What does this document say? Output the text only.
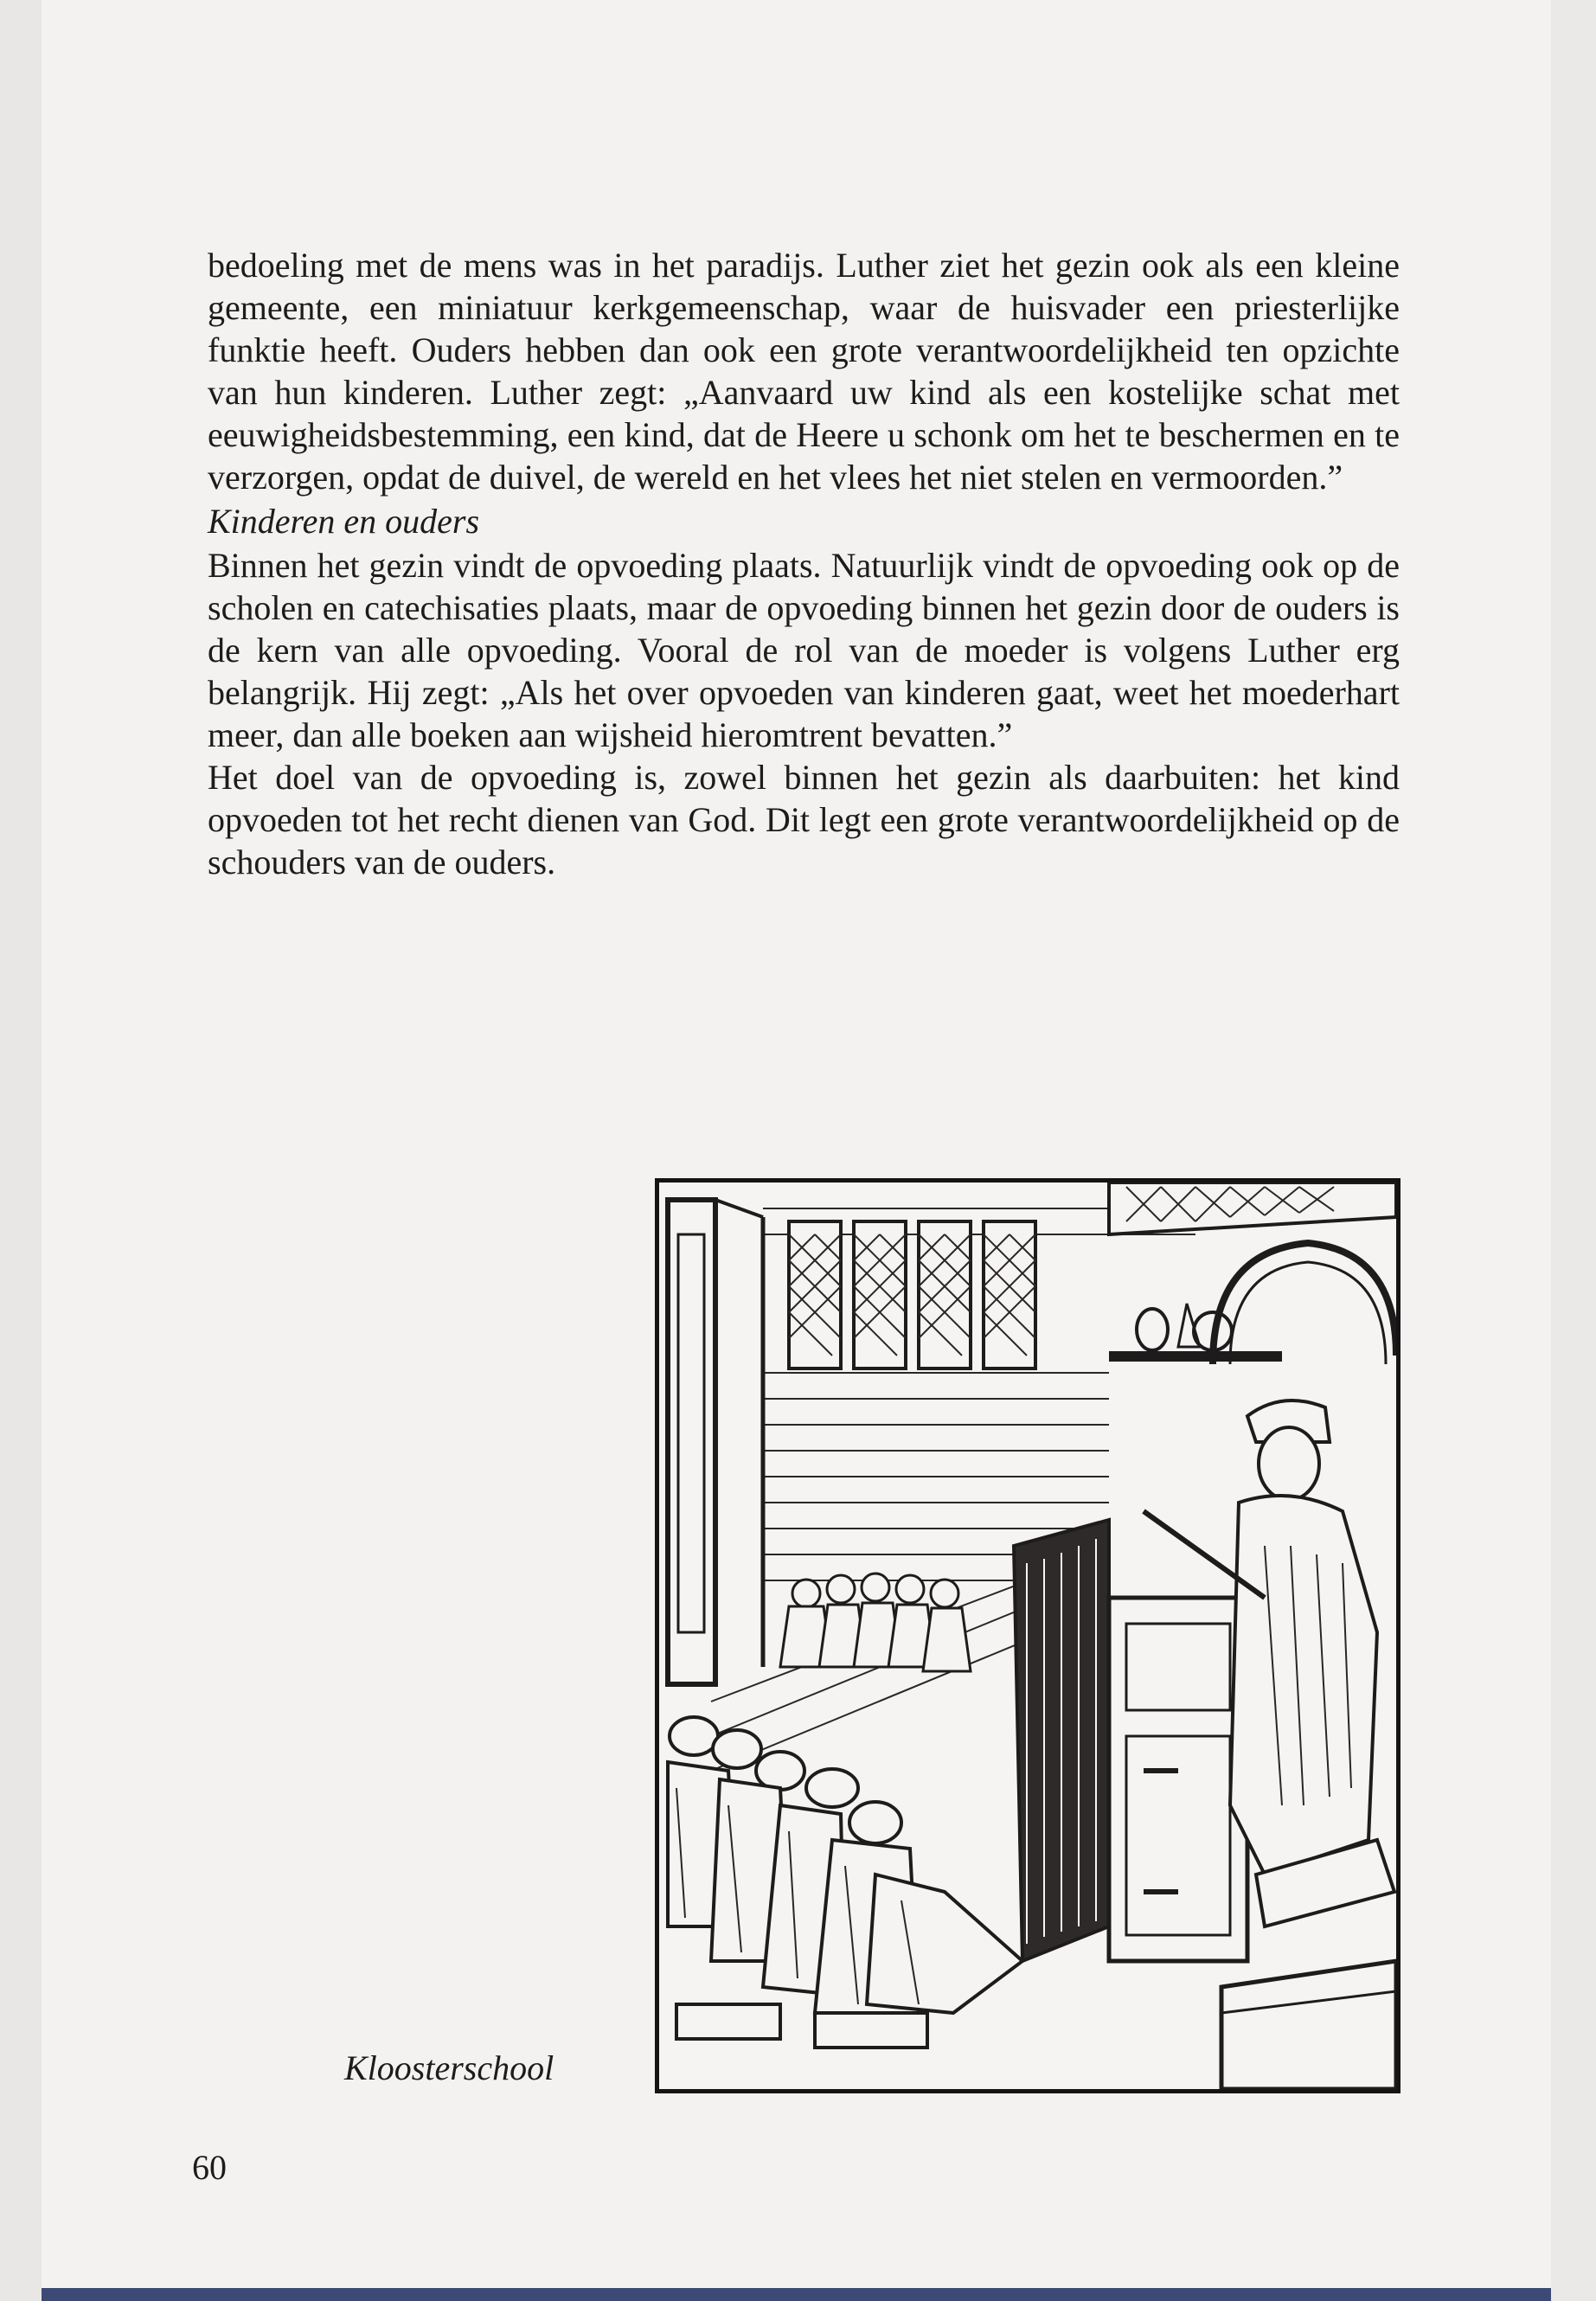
bedoeling met de mens was in het paradijs. Luther ziet het gezin ook als een kleine gemeente, een miniatuur kerkgemeenschap, waar de huisvader een priesterlijke funktie heeft. Ouders hebben dan ook een grote verantwoordelijkheid ten opzichte van hun kinderen. Luther zegt: „Aanvaard uw kind als een kostelijke schat met eeuwigheidsbestemming, een kind, dat de Heere u schonk om het te beschermen en te verzorgen, opdat de duivel, de wereld en het vlees het niet stelen en vermoorden.”

Kinderen en ouders

Binnen het gezin vindt de opvoeding plaats. Natuurlijk vindt de opvoeding ook op de scholen en catechisaties plaats, maar de opvoeding binnen het gezin door de ouders is de kern van alle opvoeding. Vooral de rol van de moeder is volgens Luther erg belangrijk. Hij zegt: „Als het over opvoeden van kinderen gaat, weet het moederhart meer, dan alle boeken aan wijsheid hieromtrent bevatten.”

Het doel van de opvoeding is, zowel binnen het gezin als daarbuiten: het kind opvoeden tot het recht dienen van God. Dit legt een grote verantwoordelijkheid op de schouders van de ouders.

Kloosterschool
60
